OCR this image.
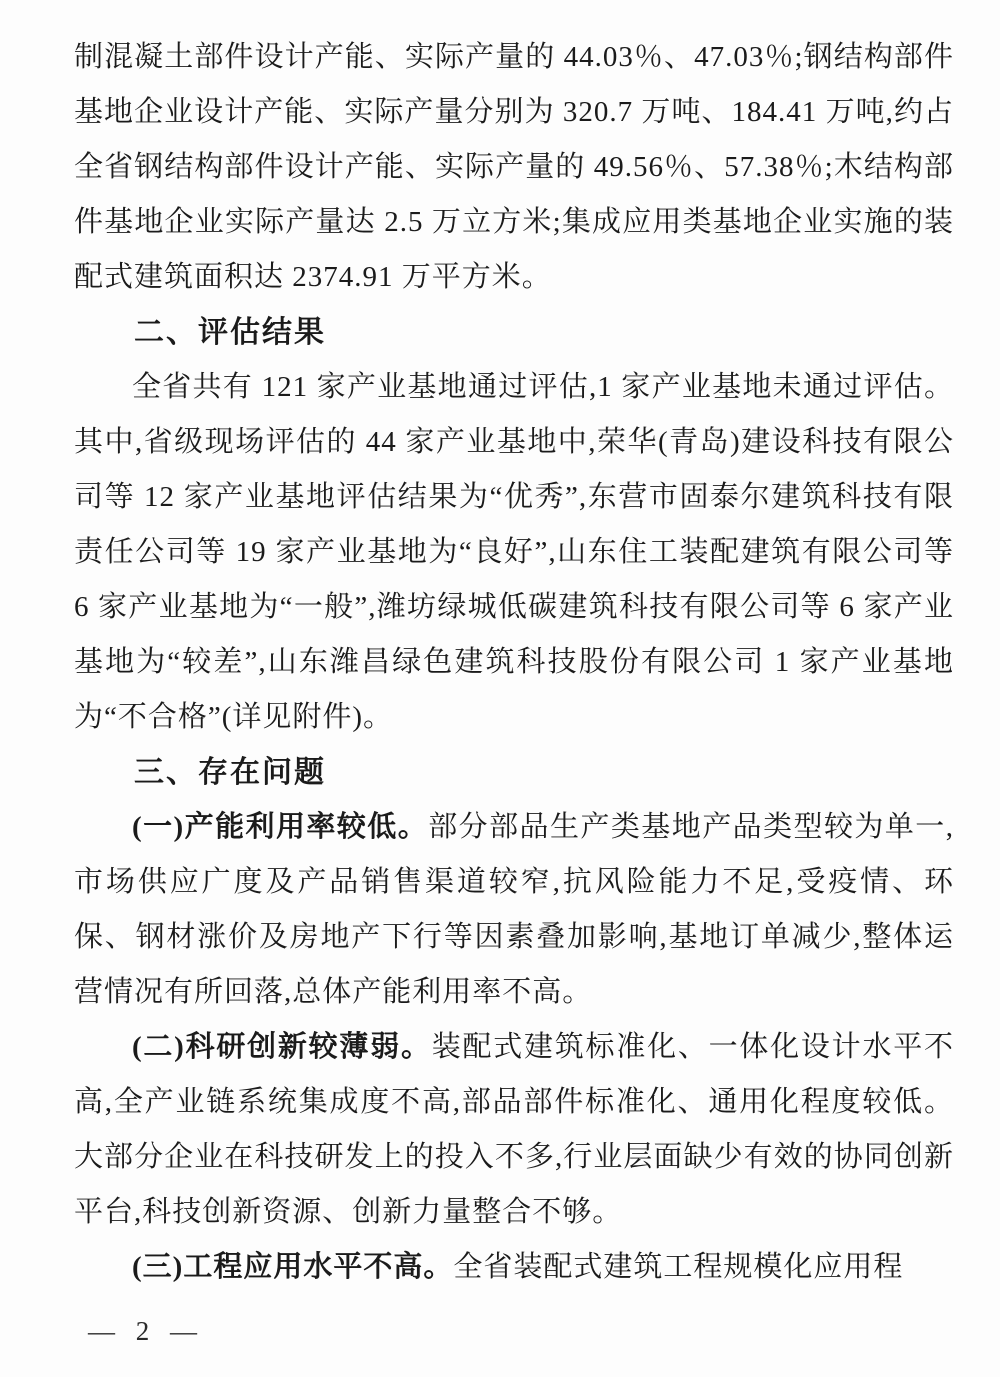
制混凝土部件设计产能、实际产量的 44.03％、47.03％;钢结构部件基地企业设计产能、实际产量分别为 320.7 万吨、184.41 万吨,约占全省钢结构部件设计产能、实际产量的 49.56％、57.38％;木结构部件基地企业实际产量达 2.5 万立方米;集成应用类基地企业实施的装配式建筑面积达 2374.91 万平方米。

二、评估结果

全省共有 121 家产业基地通过评估,1 家产业基地未通过评估。其中,省级现场评估的 44 家产业基地中,荣华(青岛)建设科技有限公司等 12 家产业基地评估结果为“优秀”,东营市固泰尔建筑科技有限责任公司等 19 家产业基地为“良好”,山东住工装配建筑有限公司等 6 家产业基地为“一般”,潍坊绿城低碳建筑科技有限公司等 6 家产业基地为“较差”,山东潍昌绿色建筑科技股份有限公司 1 家产业基地为“不合格”(详见附件)。

三、存在问题

(一)产能利用率较低。部分部品生产类基地产品类型较为单一,市场供应广度及产品销售渠道较窄,抗风险能力不足,受疫情、环保、钢材涨价及房地产下行等因素叠加影响,基地订单减少,整体运营情况有所回落,总体产能利用率不高。

(二)科研创新较薄弱。装配式建筑标准化、一体化设计水平不高,全产业链系统集成度不高,部品部件标准化、通用化程度较低。大部分企业在科技研发上的投入不多,行业层面缺少有效的协同创新平台,科技创新资源、创新力量整合不够。

(三)工程应用水平不高。全省装配式建筑工程规模化应用程

— 2 —
